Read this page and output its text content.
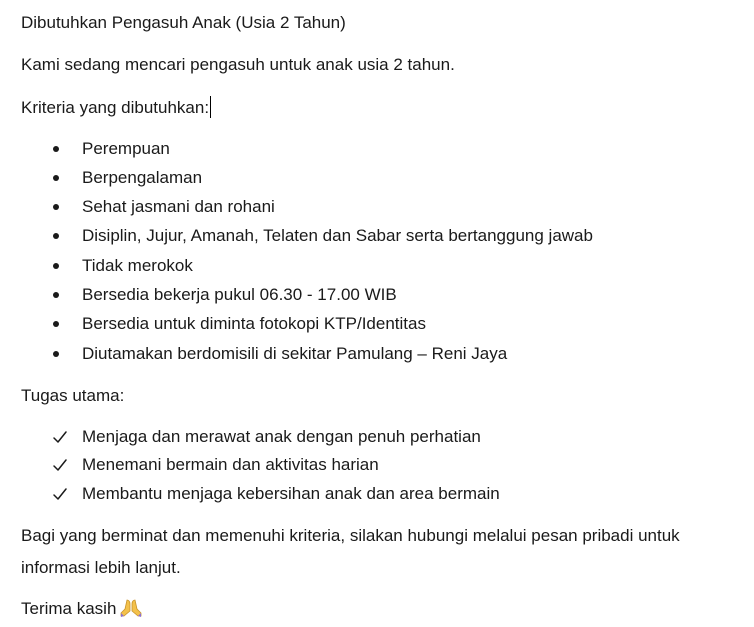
Dibutuhkan Pengasuh Anak (Usia 2 Tahun)
Kami sedang mencari pengasuh untuk anak usia 2 tahun.
Kriteria yang dibutuhkan:
Perempuan
Berpengalaman
Sehat jasmani dan rohani
Disiplin, Jujur, Amanah, Telaten dan Sabar serta bertanggung jawab
Tidak merokok
Bersedia bekerja pukul 06.30 - 17.00 WIB
Bersedia untuk diminta fotokopi KTP/Identitas
Diutamakan berdomisili di sekitar Pamulang – Reni Jaya
Tugas utama:
Menjaga dan merawat anak dengan penuh perhatian
Menemani bermain dan aktivitas harian
Membantu menjaga kebersihan anak dan area bermain
Bagi yang berminat dan memenuhi kriteria, silakan hubungi melalui pesan pribadi untuk informasi lebih lanjut.
Terima kasih
